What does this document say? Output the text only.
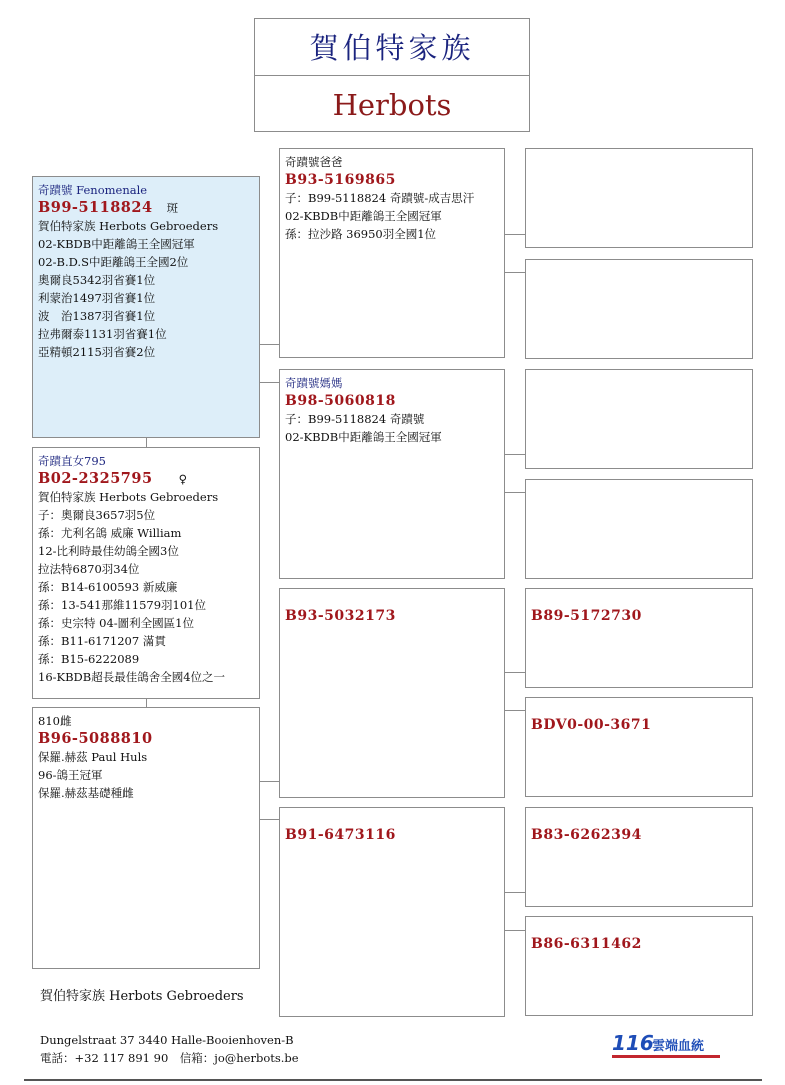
賀伯特家族
Herbots
奇蹟號 Fenomenale
B99-5118824 斑
賀伯特家族 Herbots Gebroeders
02-KBDB中距離鴿王全國冠軍
02-B.D.S中距離鴿王全國2位
奧爾良5342羽省賽1位
利蒙治1497羽省賽1位
波　治1387羽省賽1位
拉弗爾泰1131羽省賽1位
亞精頓2115羽省賽2位
奇蹟直女795
B02-2325795 ♀
賀伯特家族 Herbots Gebroeders
子：奧爾良3657羽5位
孫：尤利名鴿 威廉 William
12-比利時最佳幼鴿全國3位
拉法特6870羽34位
孫：B14-6100593 新威廉
孫：13-541那維11579羽101位
孫：史宗特 04-圖利全國區1位
孫：B11-6171207 滿貫
孫：B15-6222089
16-KBDB超長最佳鴿舍全國4位之一
810雌
B96-5088810
保羅.赫茲 Paul Huls
96-鴿王冠軍
保羅.赫茲基礎種雌
奇蹟號爸爸
B93-5169865
子：B99-5118824 奇蹟號-成吉思汗
02-KBDB中距離鴿王全國冠軍
孫：拉沙路 36950羽全國1位
奇蹟號媽媽
B98-5060818
子：B99-5118824 奇蹟號
02-KBDB中距離鴿王全國冠軍
B93-5032173
B91-6473116
B89-5172730
BDV0-00-3671
B83-6262394
B86-6311462
賀伯特家族 Herbots Gebroeders
Dungelstraat 37 3440 Halle-Booienhoven-B
電話：+32 117 891 90　信箱：jo@herbots.be
116
雲端血統
